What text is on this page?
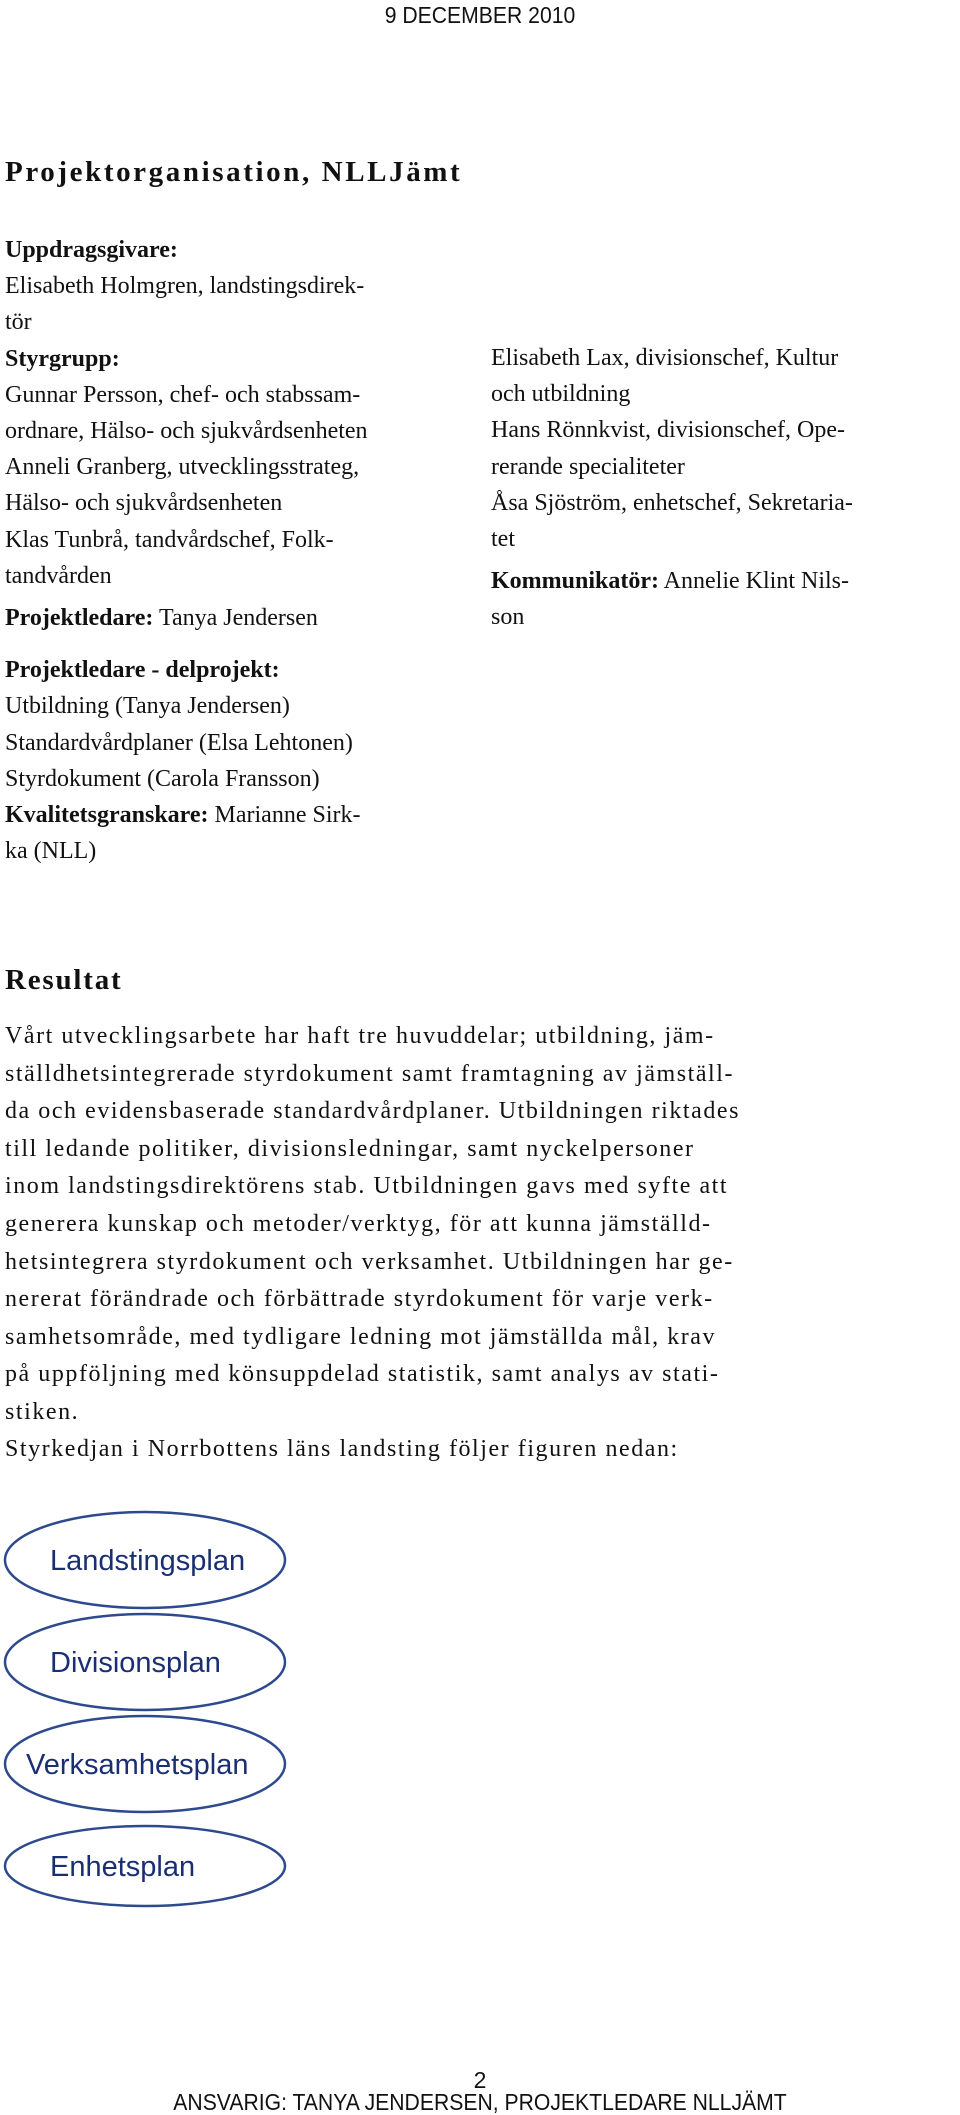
9 DECEMBER 2010
Projektorganisation, NLLJämt
Uppdragsgivare:
Elisabeth Holmgren, landstingsdirek-
tör
Styrgrupp:
Gunnar Persson, chef- och stabssam-
ordnare, Hälso- och sjukvårdsenheten
Anneli Granberg, utvecklingsstrateg,
Hälso- och sjukvårdsenheten
Klas Tunbrå, tandvårdschef, Folk-
tandvården
Projektledare: Tanya Jendersen
Projektledare - delprojekt:
Utbildning (Tanya Jendersen)
Standardvårdplaner (Elsa Lehtonen)
Styrdokument (Carola Fransson)
Kvalitetsgranskare: Marianne Sirk-
ka (NLL)
Elisabeth Lax, divisionschef, Kultur
och utbildning
Hans Rönnkvist, divisionschef, Ope-
rerande specialiteter
Åsa Sjöström, enhetschef, Sekretaria-
tet
Kommunikatör: Annelie Klint Nils-
son
Resultat
Vårt utvecklingsarbete har haft tre huvuddelar; utbildning, jäm-
ställdhetsintegrerade styrdokument samt framtagning av jämställ-
da och evidensbaserade standardvårdplaner. Utbildningen riktades
till ledande politiker, divisionsledningar, samt nyckelpersoner
inom landstingsdirektörens stab. Utbildningen gavs med syfte att
generera kunskap och metoder/verktyg, för att kunna jämställd-
hetsintegrera styrdokument och verksamhet. Utbildningen har ge-
nererat förändrade och förbättrade styrdokument för varje verk-
samhetsområde, med tydligare ledning mot jämställda mål, krav
på uppföljning med könsuppdelad statistik, samt analys av stati-
stiken.
Styrkedjan i Norrbottens läns landsting följer figuren nedan:
Landstingsplan
Divisionsplan
Verksamhetsplan
Enhetsplan
2
ANSVARIG: TANYA JENDERSEN, PROJEKTLEDARE NLLJÄMT
